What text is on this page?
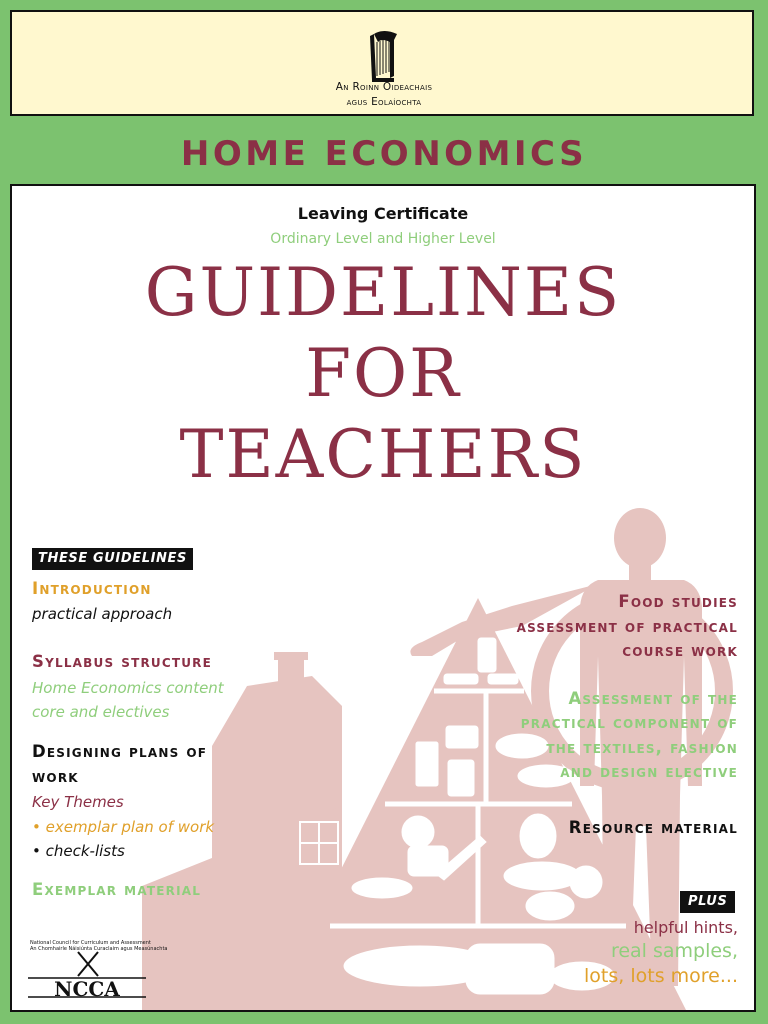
An Roinn Oideachais
agus Eolaíochta
HOME ECONOMICS
Leaving Certificate
Ordinary Level and Higher Level
GUIDELINES
FOR
TEACHERS
THESE GUIDELINES
Introduction
practical approach
Syllabus structure
Home Economics content
core and electives
Designing plans of
work
Key Themes
• exemplar plan of work
• check-lists
Exemplar material
Food studies
assessment of practical
course work
Assessment of the
practical component of
the textiles, fashion
and design elective
Resource material
PLUS
helpful hints,
real samples,
lots, lots more...
National Council for Curriculum and Assessment
An Chomhairle Náisiúnta Curaclaim agus Measúnachta
NCCA
